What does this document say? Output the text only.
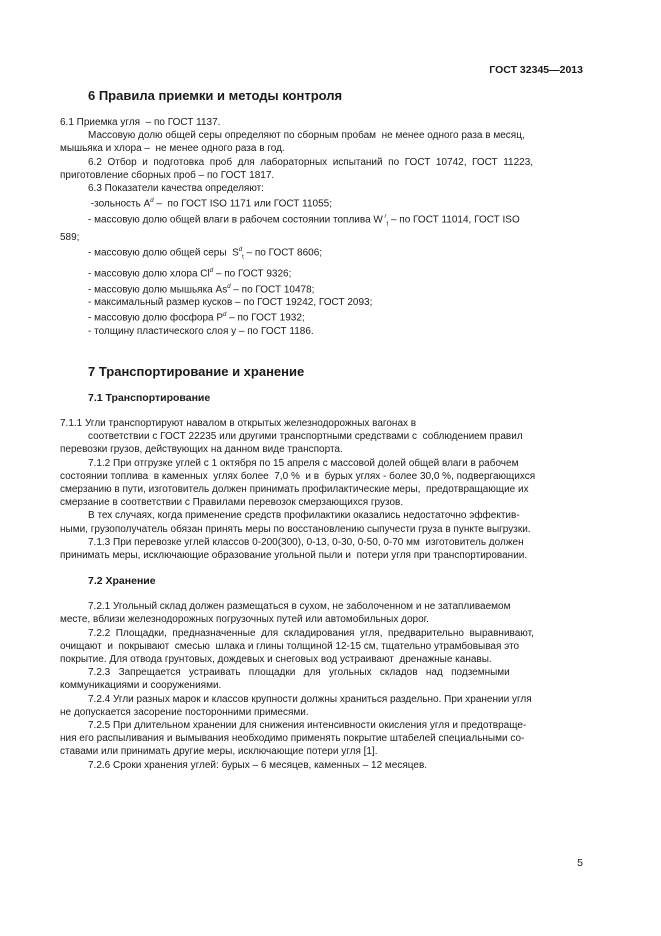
ГОСТ 32345—2013
6 Правила приемки и методы контроля
6.1 Приемка угля  – по ГОСТ 1137.
Массовую долю общей серы определяют по сборным пробам  не менее одного раза в месяц,
мышьяка и хлора –  не менее одного раза в год.
6.2  Отбор  и  подготовка  проб  для  лабораторных  испытаний  по  ГОСТ  10742,  ГОСТ  11223,
приготовление сборных проб – по ГОСТ 1817.
6.3 Показатели качества определяют:
-зольность $A^d$ –  по ГОСТ ISO 1171 или ГОСТ 11055;
- массовую долю общей влаги в рабочем состоянии топлива W $^r_t$ – по ГОСТ 11014, ГОСТ ISO
589;
- массовую долю общей серы  $S^d_t$ – по ГОСТ 8606;
- массовую долю хлора Cl$^d$ – по ГОСТ 9326;
- массовую долю мышьяка As$^d$ – по ГОСТ 10478;
- максимальный размер кусков – по ГОСТ 19242, ГОСТ 2093;
- массовую долю фосфора $P^d$ – по ГОСТ 1932;
- толщину пластического слоя y – по ГОСТ 1186.
7 Транспортирование и хранение
7.1 Транспортирование
7.1.1 Угли транспортируют навалом в открытых железнодорожных вагонах в
соответствии с ГОСТ 22235 или другими транспортными средствами с  соблюдением правил
перевозки грузов, действующих на данном виде транспорта.
7.1.2 При отгрузке углей с 1 октября по 15 апреля с массовой долей общей влаги в рабочем
состоянии топлива  в каменных  углях более  7,0 %  и в  бурых углях - более 30,0 %, подвергающихся
смерзанию в пути, изготовитель должен принимать профилактические меры,  предотвращающие их
смерзание в соответствии с Правилами перевозок смерзающихся грузов.
В тех случаях, когда применение средств профилактики оказались недостаточно эффектив-
ными, грузополучатель обязан принять меры по восстановлению сыпучести груза в пункте выгрузки.
7.1.3 При перевозке углей классов 0-200(300), 0-13, 0-30, 0-50, 0-70 мм  изготовитель должен
принимать меры, исключающие образование угольной пыли и  потери угля при транспортировании.
7.2 Хранение
7.2.1 Угольный склад должен размещаться в сухом, не заболоченном и не затапливаемом
месте, вблизи железнодорожных погрузочных путей или автомобильных дорог.
7.2.2  Площадки,  предназначенные  для  складирования  угля,  предварительно  выравнивают,
очищают  и  покрывают  смесью  шлака и глины толщиной 12-15 см, тщательно утрамбовывая это
покрытие. Для отвода грунтовых, дождевых и снеговых вод устраивают  дренажные канавы.
7.2.3   Запрещается   устраивать   площадки   для   угольных   складов   над   подземными
коммуникациями и сооружениями.
7.2.4 Угли разных марок и классов крупности должны храниться раздельно. При хранении угля
не допускается засорение посторонними примесями.
7.2.5 При длительном хранении для снижения интенсивности окисления угля и предотвраще-
ния его распыливания и вымывания необходимо применять покрытие штабелей специальными со-
ставами или принимать другие меры, исключающие потери угля [1].
7.2.6 Сроки хранения углей: бурых – 6 месяцев, каменных – 12 месяцев.
5
